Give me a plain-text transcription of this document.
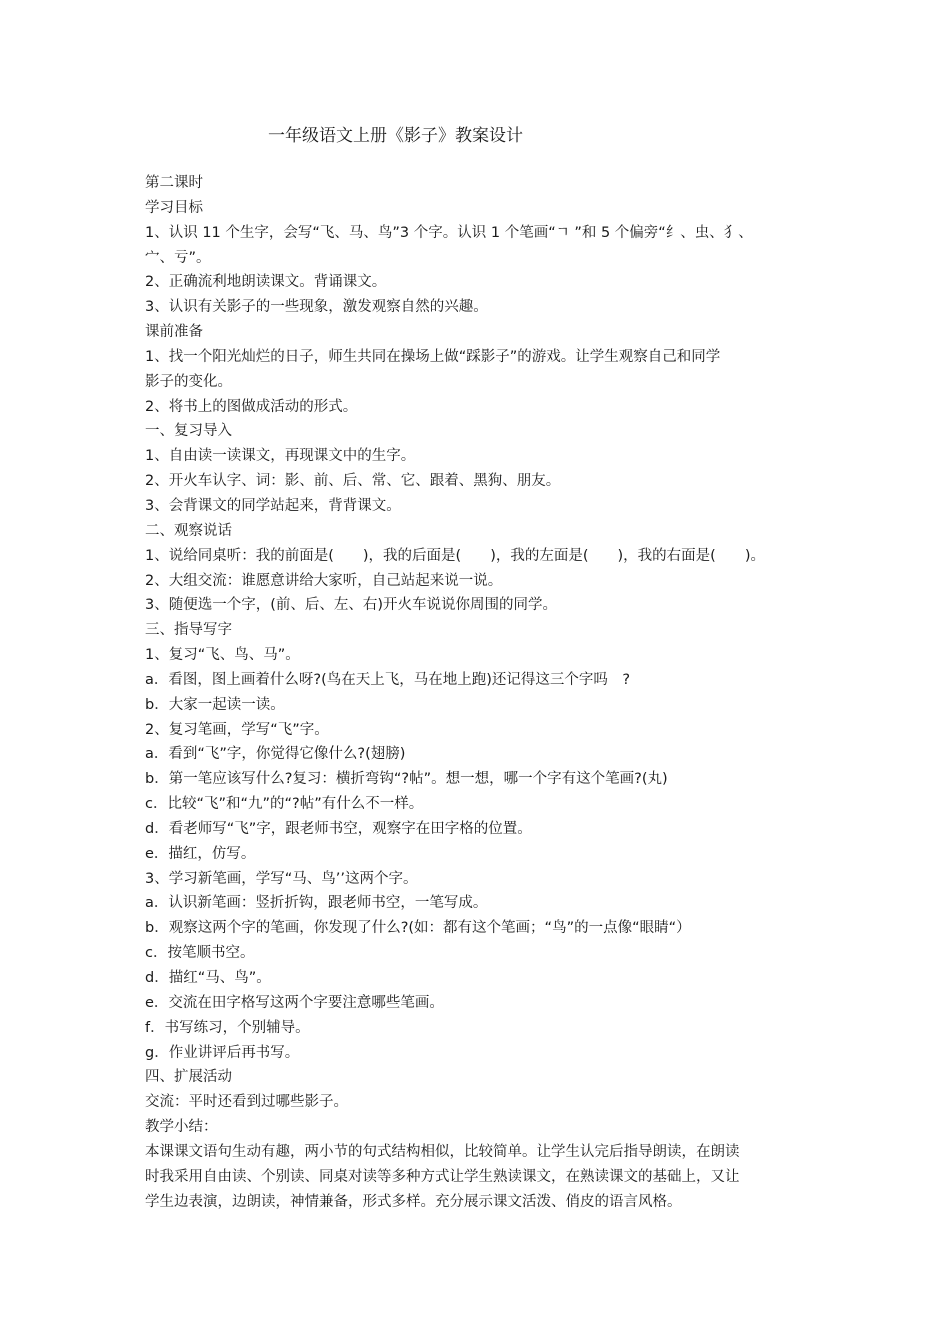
一年级语文上册《影子》教案设计
第二课时
学习目标
1、认识 11 个生字，会写“飞、马、鸟”3 个字。认识 1 个笔画“ㄱ ”和 5 个偏旁“纟、虫、犭、
宀、亏”。
2、正确流利地朗读课文。背诵课文。
3、认识有关影子的一些现象，激发观察自然的兴趣。
课前准备
1、找一个阳光灿烂的日子，师生共同在操场上做“踩影子”的游戏。让学生观察自己和同学
影子的变化。
2、将书上的图做成活动的形式。
一、复习导入
1、自由读一读课文，再现课文中的生字。
2、开火车认字、词：影、前、后、常、它、跟着、黑狗、朋友。
3、会背课文的同学站起来，背背课文。
二、观察说话
1、说给同桌听：我的前面是(　　)，我的后面是(　　)，我的左面是(　　)，我的右面是(　　)。
2、大组交流：谁愿意讲给大家听，自己站起来说一说。
3、随便选一个字，(前、后、左、右)开火车说说你周围的同学。
三、指导写字
1、复习“飞、鸟、马”。
a．看图，图上画着什么呀?(鸟在天上飞，马在地上跑)还记得这三个字吗　?
b．大家一起读一读。
2、复习笔画，学写“飞”字。
a．看到“飞”字，你觉得它像什么?(翅膀)
b．第一笔应该写什么?复习：横折弯钩“?帖”。想一想，哪一个字有这个笔画?(丸)
c．比较“飞”和“九”的“?帖”有什么不一样。
d．看老师写“飞”字，跟老师书空，观察字在田字格的位置。
e．描红，仿写。
3、学习新笔画，学写“马、鸟’’这两个字。
a．认识新笔画：竖折折钩，跟老师书空，一笔写成。
b．观察这两个字的笔画，你发现了什么?(如：都有这个笔画；“鸟”的一点像“眼睛“）
c．按笔顺书空。
d．描红“马、鸟”。
e．交流在田字格写这两个字要注意哪些笔画。
f．书写练习，个别辅导。
g．作业讲评后再书写。
四、扩展活动
交流：平时还看到过哪些影子。
教学小结：
本课课文语句生动有趣，两小节的句式结构相似，比较简单。让学生认完后指导朗读，在朗读
时我采用自由读、个别读、同桌对读等多种方式让学生熟读课文，在熟读课文的基础上，又让
学生边表演，边朗读，神情兼备，形式多样。充分展示课文活泼、俏皮的语言风格。
